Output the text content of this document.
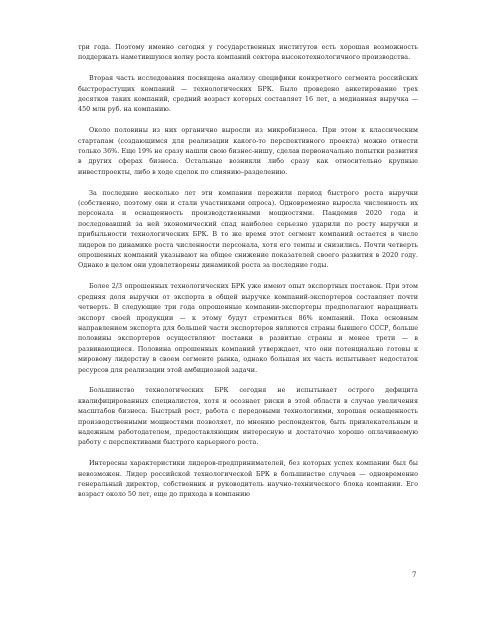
три года. Поэтому именно сегодня у государственных институтов есть хорошая возможность поддержать наметившуюся волну роста компаний сектора высокотехнологичного производства.

Вторая часть исследования посвящена анализу специфики конкретного сегмента российских быстрорастущих компаний — технологических БРК. Было проведено анкетирование трех десятков таких компаний, средний возраст которых составляет 16 лет, а медианная выручка — 450 млн руб. на компанию.

Около половины из них органично выросли из микробизнеса. При этом к классическим стартапам (создающимся для реализации какого-то перспективного проекта) можно отнести только 36%. Еще 19% не сразу нашли свою бизнес-нишу, сделав первоначально попытки развития в других сферах бизнеса. Остальные возникли либо сразу как относительно крупные инвестпроекты, либо в ходе сделок по слиянию–разделению.

За последние несколько лет эти компании пережили период быстрого роста выручки (собственно, поэтому они и стали участниками опроса). Одновременно выросла численность их персонала и оснащенность производственными мощностями. Пандемия 2020 года и последовавший за ней экономический спад наиболее серьезно ударили по росту выручки и прибыльности технологических БРК. В то же время этот сегмент компаний остается в числе лидеров по динамике роста численности персонала, хотя его темпы и снизились. Почти четверть опрошенных компаний указывают на общее снижение показателей своего развития в 2020 году. Однако в целом они удовлетворены динамикой роста за последние годы.

Более 2/3 опрошенных технологических БРК уже имеют опыт экспортных поставок. При этом средняя доля выручки от экспорта в общей выручке компаний-экспортеров составляет почти четверть. В следующие три года опрошенные компании-экспортеры предполагают наращивать экспорт своей продукции — к этому будут стремиться 86% компаний. Пока основным направлением экспорта для большей части экспортеров являются страны бывшего СССР, больше половины экспортеров осуществляют поставки в развитые страны и менее трети — в развивающиеся. Половина опрошенных компаний утверждает, что они потенциально готовы к мировому лидерству в своем сегменте рынка, однако большая их часть испытывает недостаток ресурсов для реализации этой амбициозной задачи.

Большинство технологических БРК сегодня не испытывает острого дефицита квалифицированных специалистов, хотя и осознает риски в этой области в случае увеличения масштабов бизнеса. Быстрый рост, работа с передовыми технологиями, хорошая оснащенность производственными мощностями позволяет, по мнению респондентов, быть привлекательным и надежным работодателем, предоставляющим интересную и достаточно хорошо оплачиваемую работу с перспективами быстрого карьерного роста.

Интересны характеристики лидеров-предпринимателей, без которых успех компании был бы невозможен. Лидер российской технологической БРК в большинстве случаев — одновременно генеральный директор, собственник и руководитель научно-технического блока компании. Его возраст около 50 лет, еще до прихода в компанию

7
